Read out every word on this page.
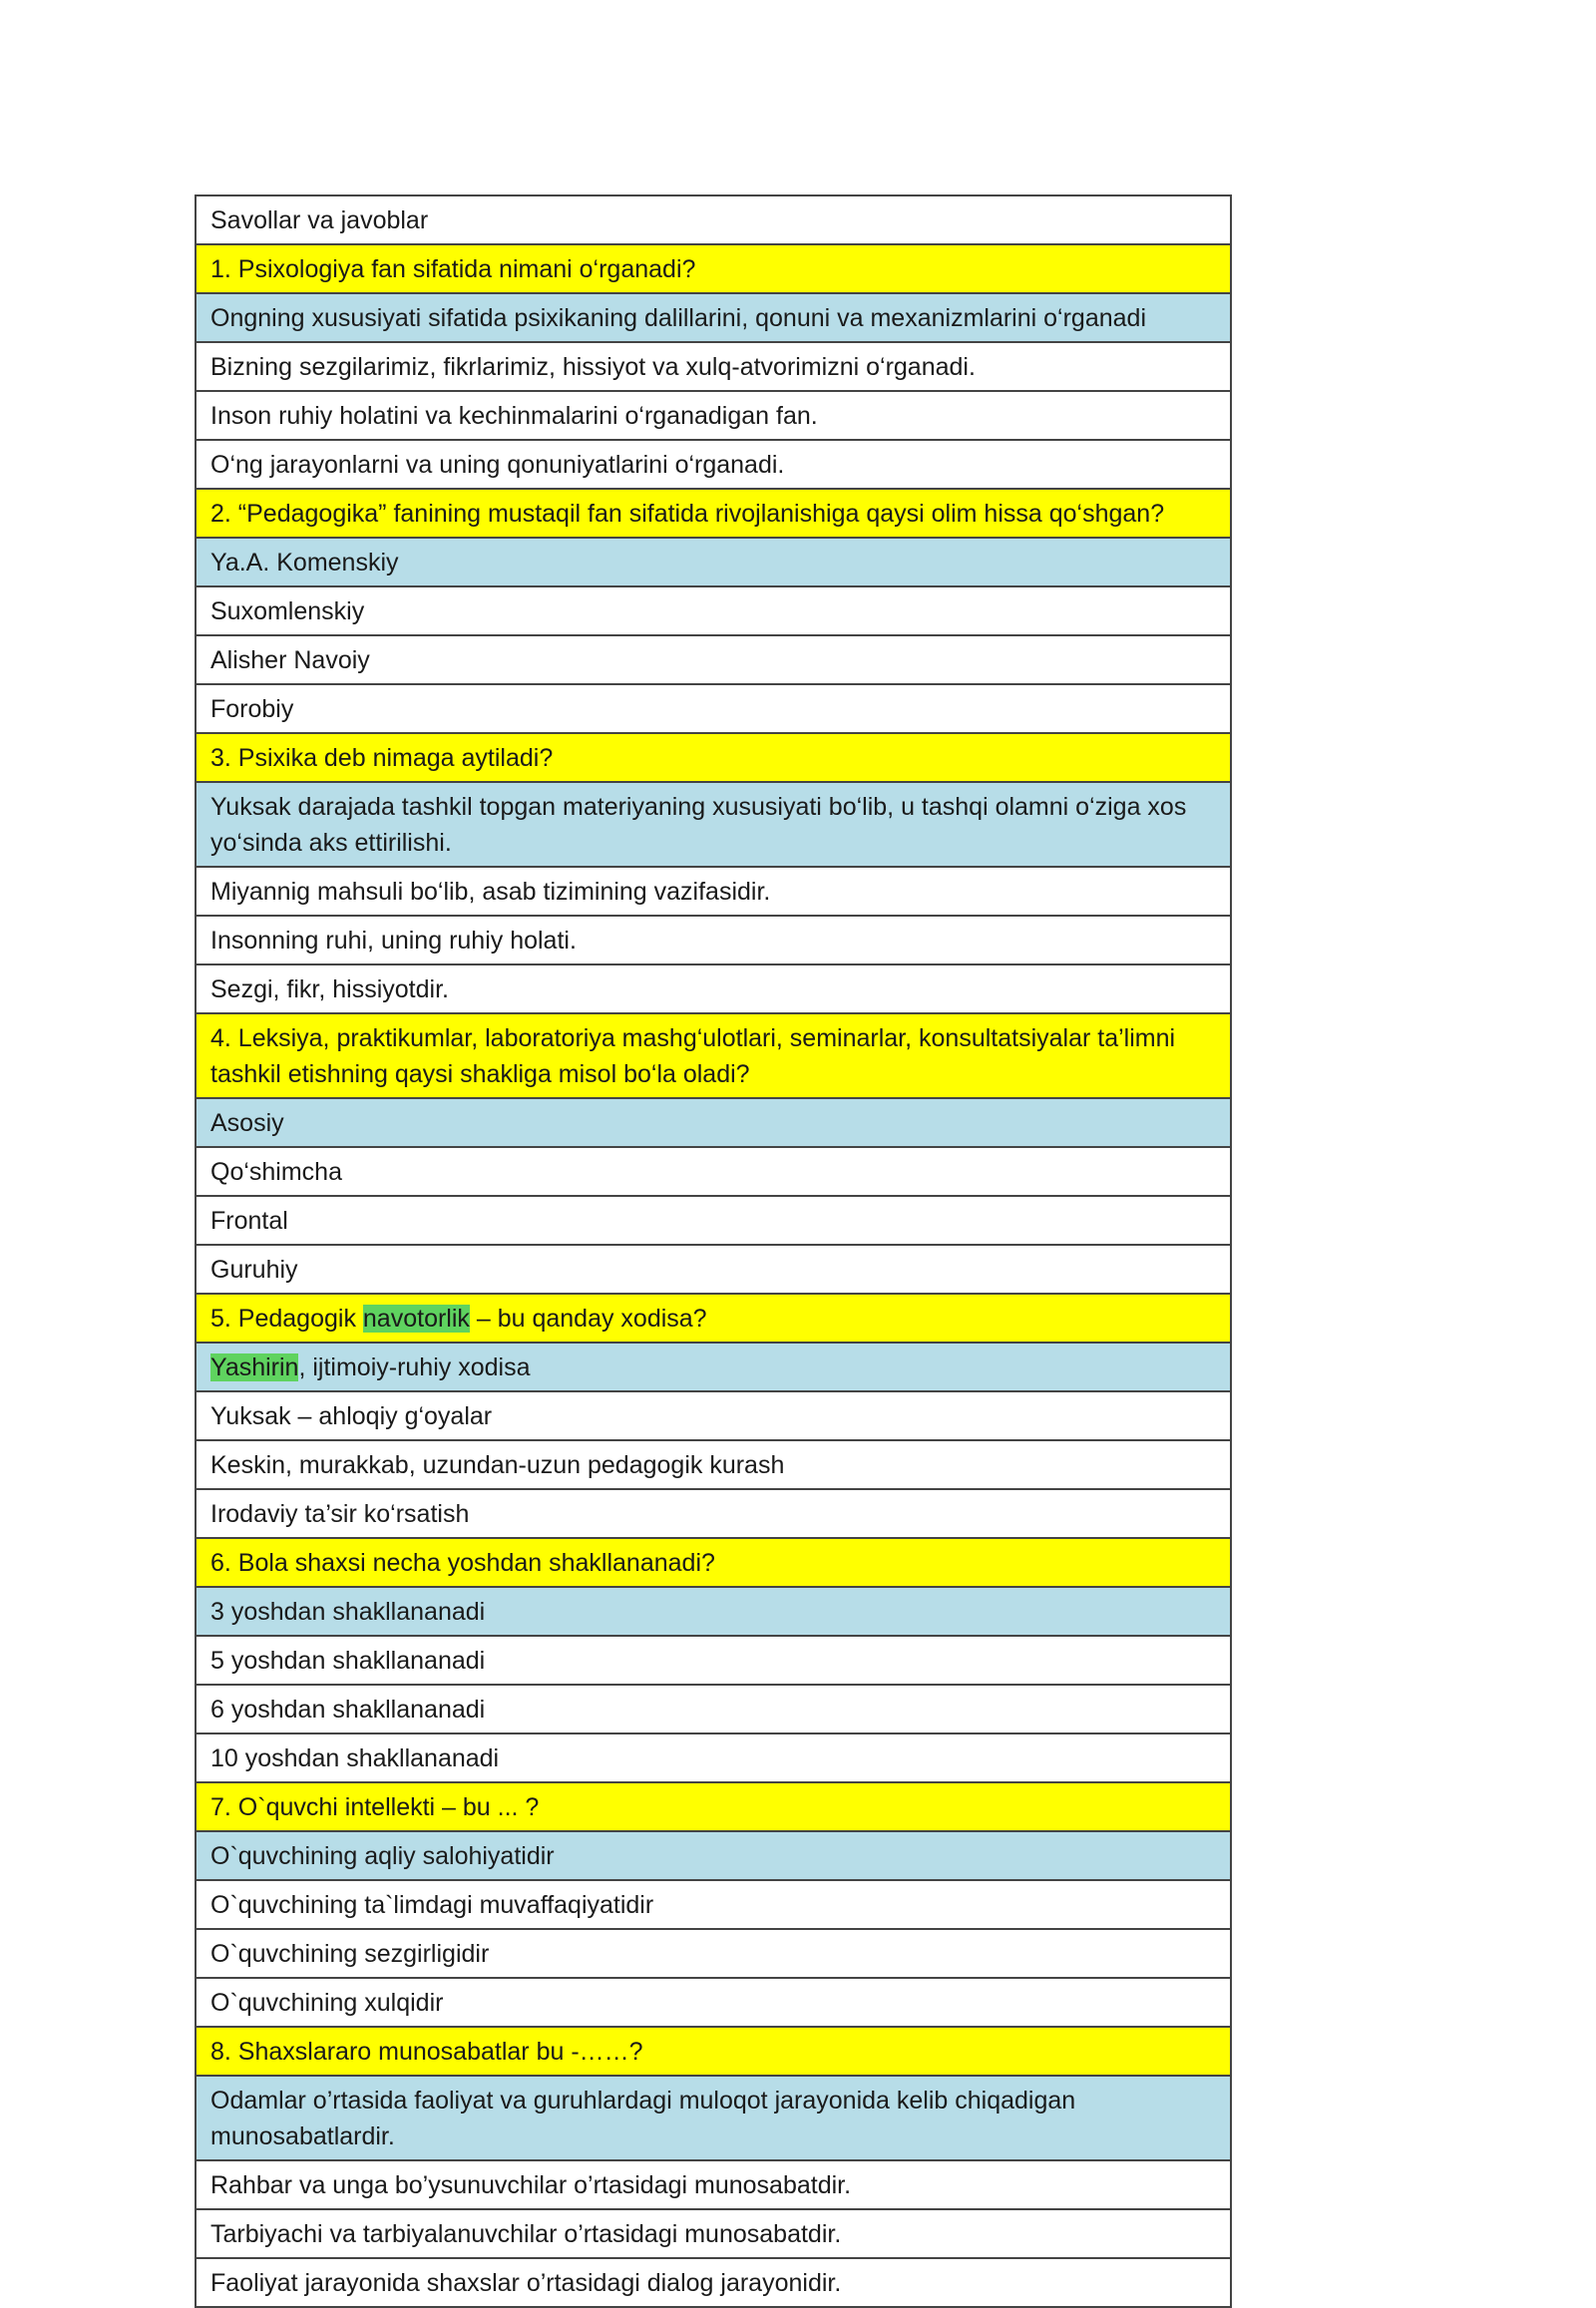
Savollar va javoblar
1. Psixologiya fan sifatida nimani o‘rganadi?
Ongning xususiyati sifatida psixikaning dalillarini, qonuni va mexanizmlarini o‘rganadi
Bizning sezgilarimiz, fikrlarimiz, hissiyot va xulq-atvorimizni o‘rganadi.
Inson ruhiy holatini va kechinmalarini o‘rganadigan fan.
O‘ng jarayonlarni va uning qonuniyatlarini o‘rganadi.
2. “Pedagogika” fanining mustaqil fan sifatida rivojlanishiga qaysi olim hissa qo‘shgan?
Ya.A. Komenskiy
Suxomlenskiy
Alisher Navoiy
Forobiy
3. Psixika deb nimaga aytiladi?
Yuksak darajada tashkil topgan materiyaning xususiyati bo‘lib, u tashqi olamni o‘ziga xos yo‘sinda aks ettirilishi.
Miyannig mahsuli bo‘lib, asab tizimining vazifasidir.
Insonning ruhi, uning ruhiy holati.
Sezgi, fikr, hissiyotdir.
4. Leksiya, praktikumlar, laboratoriya mashg‘ulotlari, seminarlar, konsultatsiyalar ta’limni tashkil etishning qaysi shakliga misol bo‘la oladi?
Asosiy
Qo‘shimcha
Frontal
Guruhiy
5. Pedagogik navotorlik – bu qanday xodisa?
Yashirin, ijtimoiy-ruhiy xodisa
Yuksak – ahloqiy g‘oyalar
Keskin, murakkab, uzundan-uzun pedagogik kurash
Irodaviy ta’sir ko‘rsatish
6. Bola shaxsi necha yoshdan shakllananadi?
3 yoshdan shakllananadi
5 yoshdan shakllananadi
6 yoshdan shakllananadi
10 yoshdan shakllananadi
7. O`quvchi intellekti – bu ... ?
O`quvchining aqliy salohiyatidir
O`quvchining ta`limdagi muvaffaqiyatidir
O`quvchining sezgirligidir
O`quvchining xulqidir
8. Shaxslararo munosabatlar bu -……?
Odamlar o’rtasida faoliyat va guruhlardagi muloqot jarayonida kelib chiqadigan munosabatlardir.
Rahbar va unga bo’ysunuvchilar o’rtasidagi munosabatdir.
Tarbiyachi va tarbiyalanuvchilar o’rtasidagi munosabatdir.
Faoliyat jarayonida shaxslar o’rtasidagi dialog jarayonidir.
